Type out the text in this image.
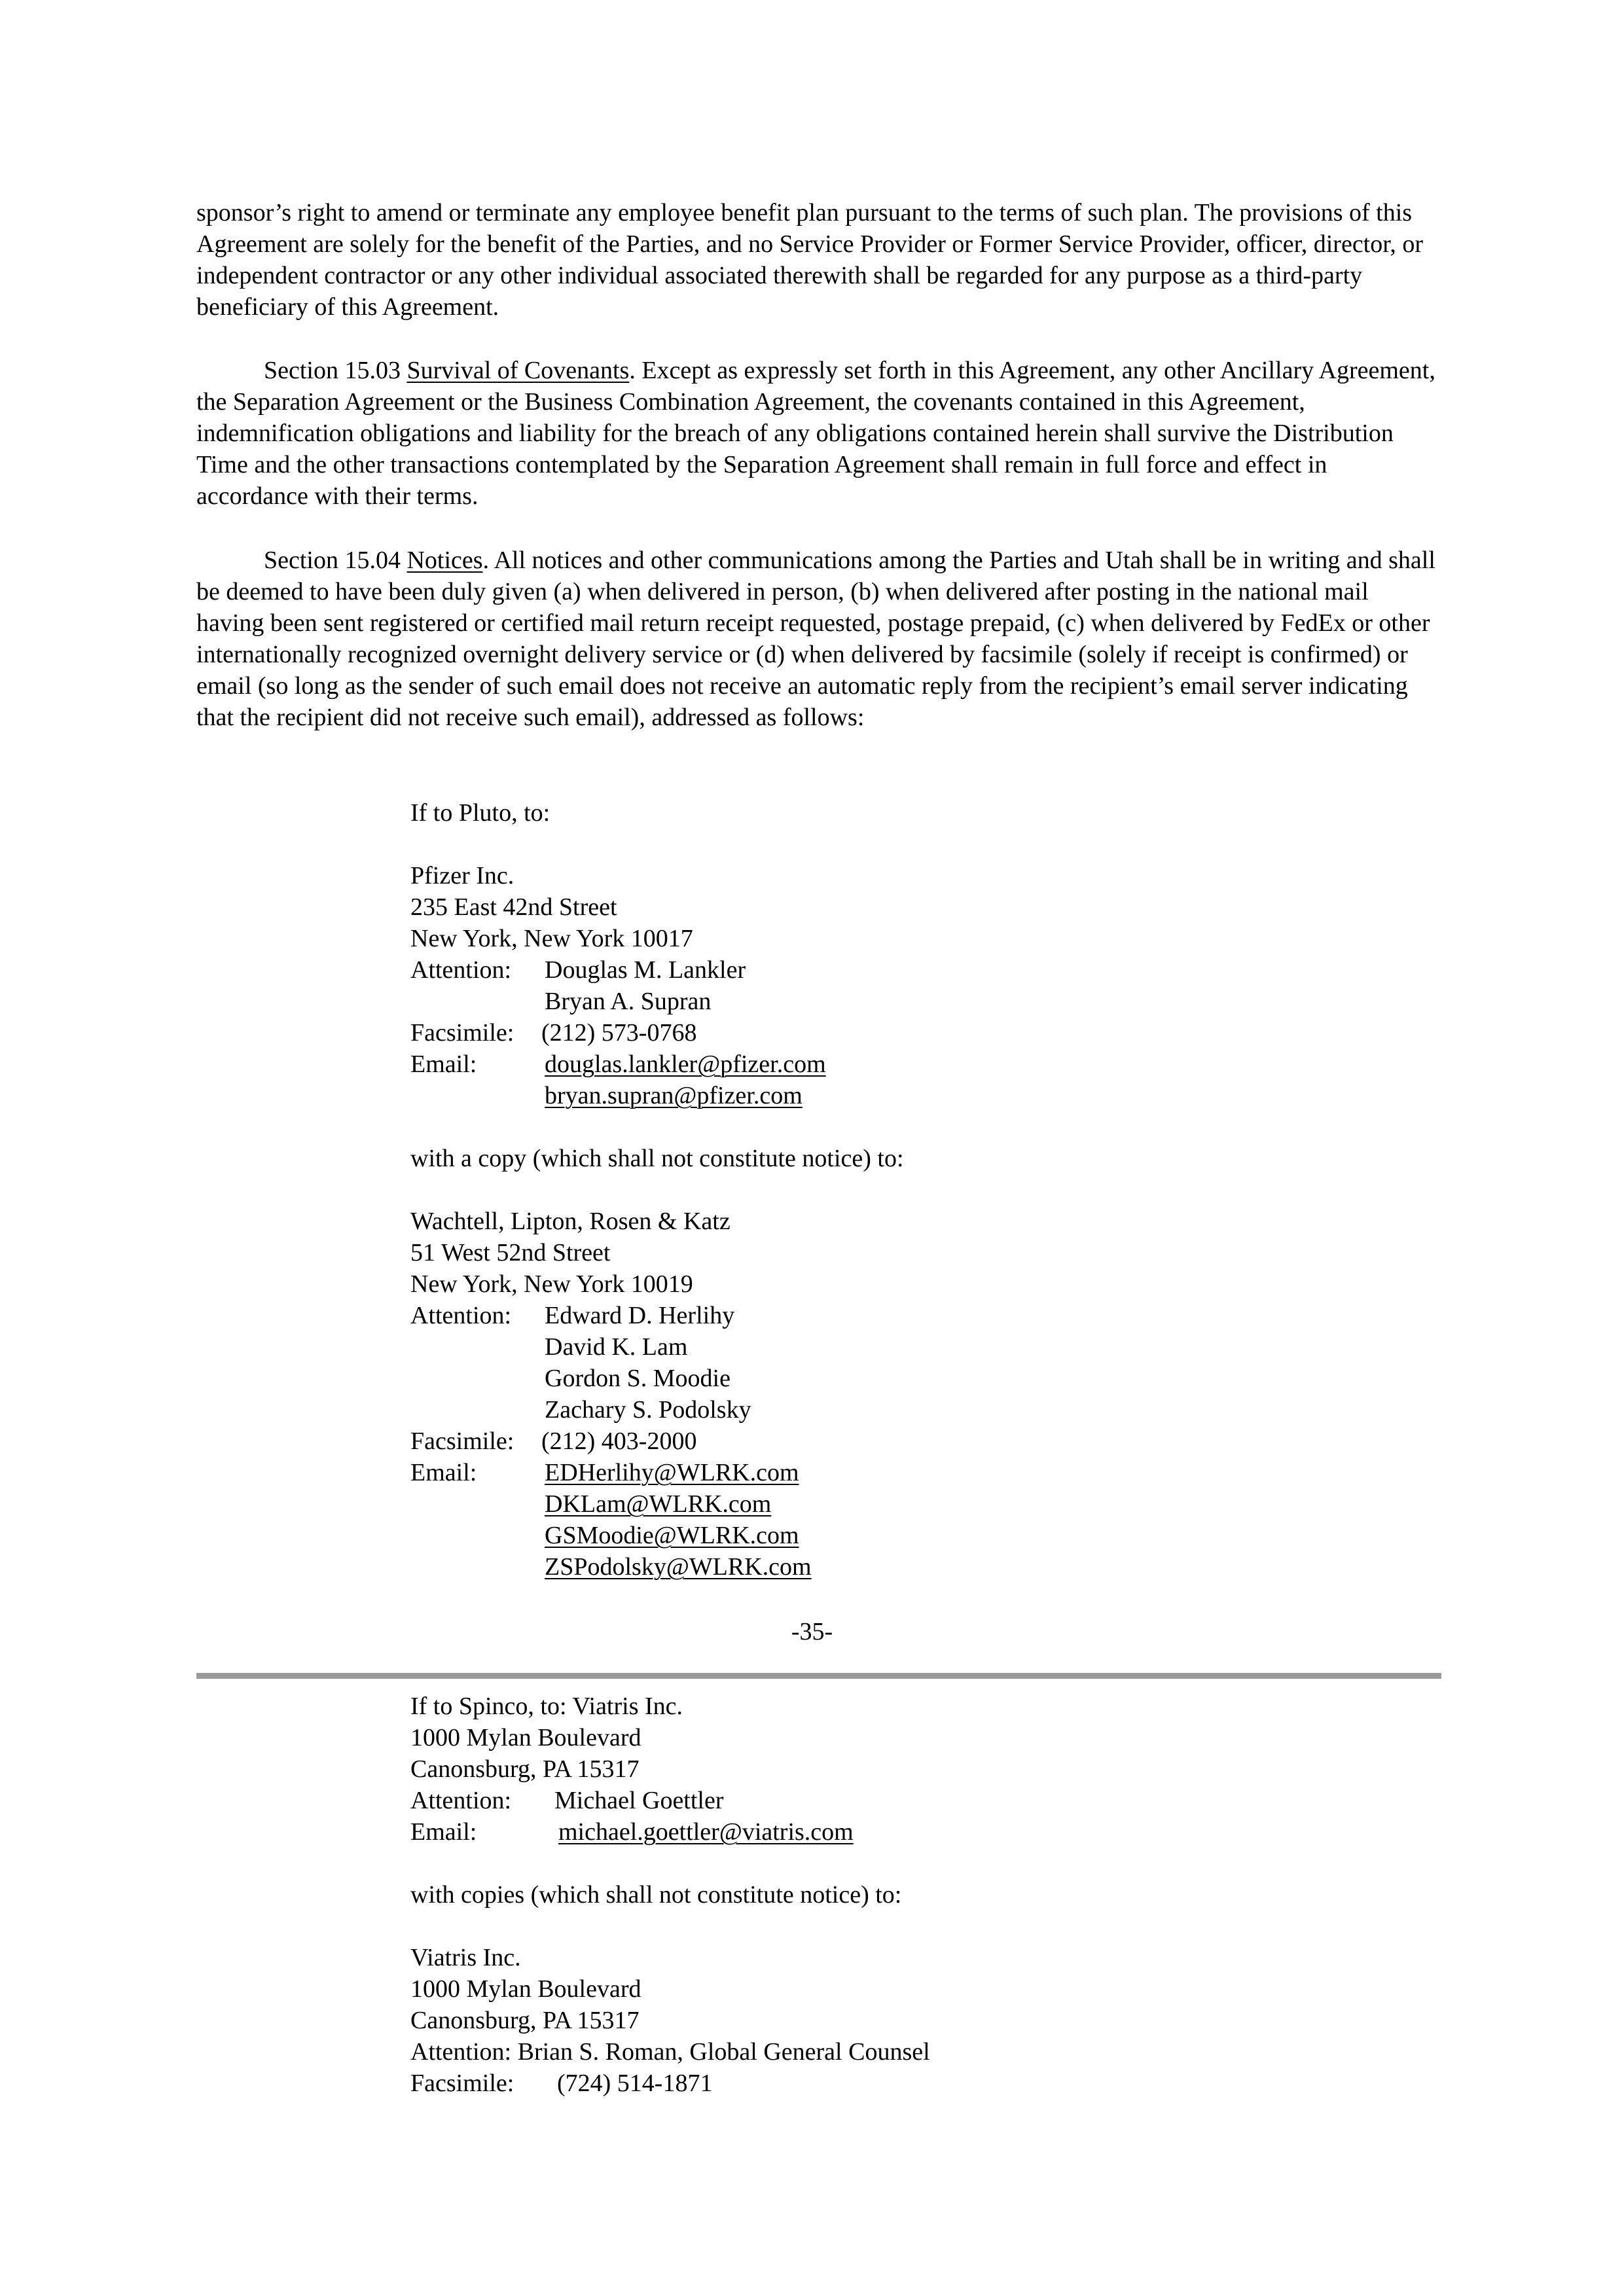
sponsor’s right to amend or terminate any employee benefit plan pursuant to the terms of such plan. The provisions of this Agreement are solely for the benefit of the Parties, and no Service Provider or Former Service Provider, officer, director, or independent contractor or any other individual associated therewith shall be regarded for any purpose as a third-party beneficiary of this Agreement.

Section 15.03 Survival of Covenants. Except as expressly set forth in this Agreement, any other Ancillary Agreement, the Separation Agreement or the Business Combination Agreement, the covenants contained in this Agreement, indemnification obligations and liability for the breach of any obligations contained herein shall survive the Distribution Time and the other transactions contemplated by the Separation Agreement shall remain in full force and effect in accordance with their terms.

Section 15.04 Notices. All notices and other communications among the Parties and Utah shall be in writing and shall be deemed to have been duly given (a) when delivered in person, (b) when delivered after posting in the national mail having been sent registered or certified mail return receipt requested, postage prepaid, (c) when delivered by FedEx or other internationally recognized overnight delivery service or (d) when delivered by facsimile (solely if receipt is confirmed) or email (so long as the sender of such email does not receive an automatic reply from the recipient’s email server indicating that the recipient did not receive such email), addressed as follows:

If to Pluto, to:
Pfizer Inc.
235 East 42nd Street
New York, New York 10017
Attention: Douglas M. Lankler
Bryan A. Supran
Facsimile: (212) 573-0768
Email:	douglas.lankler@pfizer.com
bryan.supran@pfizer.com
with a copy (which shall not constitute notice) to:
Wachtell, Lipton, Rosen & Katz
51 West 52nd Street
New York, New York 10019
Attention: Edward D. Herlihy
David K. Lam
Gordon S. Moodie
Zachary S. Podolsky
Facsimile: (212) 403-2000
Email:	EDHerlihy@WLRK.com
DKLam@WLRK.com
GSMoodie@WLRK.com
ZSPodolsky@WLRK.com
-35-
If to Spinco, to: Viatris Inc.
1000 Mylan Boulevard
Canonsburg, PA 15317
Attention: Michael Goettler
Email:	michael.goettler@viatris.com
with copies (which shall not constitute notice) to:
Viatris Inc.
1000 Mylan Boulevard
Canonsburg, PA 15317
Attention: Brian S. Roman, Global General Counsel
Facsimile: (724) 514-1871
